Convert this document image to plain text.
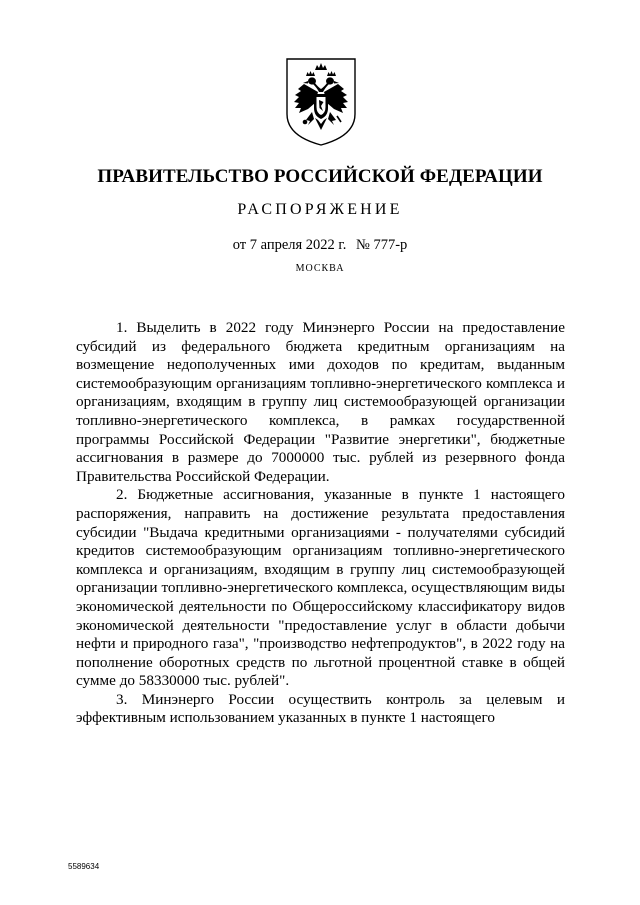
ПРАВИТЕЛЬСТВО РОССИЙСКОЙ ФЕДЕРАЦИИ
РАСПОРЯЖЕНИЕ
от 7 апреля 2022 г. № 777-р
МОСКВА

1. Выделить в 2022 году Минэнерго России на предоставление субсидий из федерального бюджета кредитным организациям на возмещение недополученных ими доходов по кредитам, выданным системообразующим организациям топливно-энергетического комплекса и организациям, входящим в группу лиц системообразующей организации топливно-энергетического комплекса, в рамках государственной программы Российской Федерации "Развитие энергетики", бюджетные ассигнования в размере до 7000000 тыс. рублей из резервного фонда Правительства Российской Федерации.

2. Бюджетные ассигнования, указанные в пункте 1 настоящего распоряжения, направить на достижение результата предоставления субсидии "Выдача кредитными организациями - получателями субсидий кредитов системообразующим организациям топливно-энергетического комплекса и организациям, входящим в группу лиц системообразующей организации топливно-энергетического комплекса, осуществляющим виды экономической деятельности по Общероссийскому классификатору видов экономической деятельности "предоставление услуг в области добычи нефти и природного газа", "производство нефтепродуктов", в 2022 году на пополнение оборотных средств по льготной процентной ставке в общей сумме до 58330000 тыс. рублей".

3. Минэнерго России осуществить контроль за целевым и эффективным использованием указанных в пункте 1 настоящего

5589634
